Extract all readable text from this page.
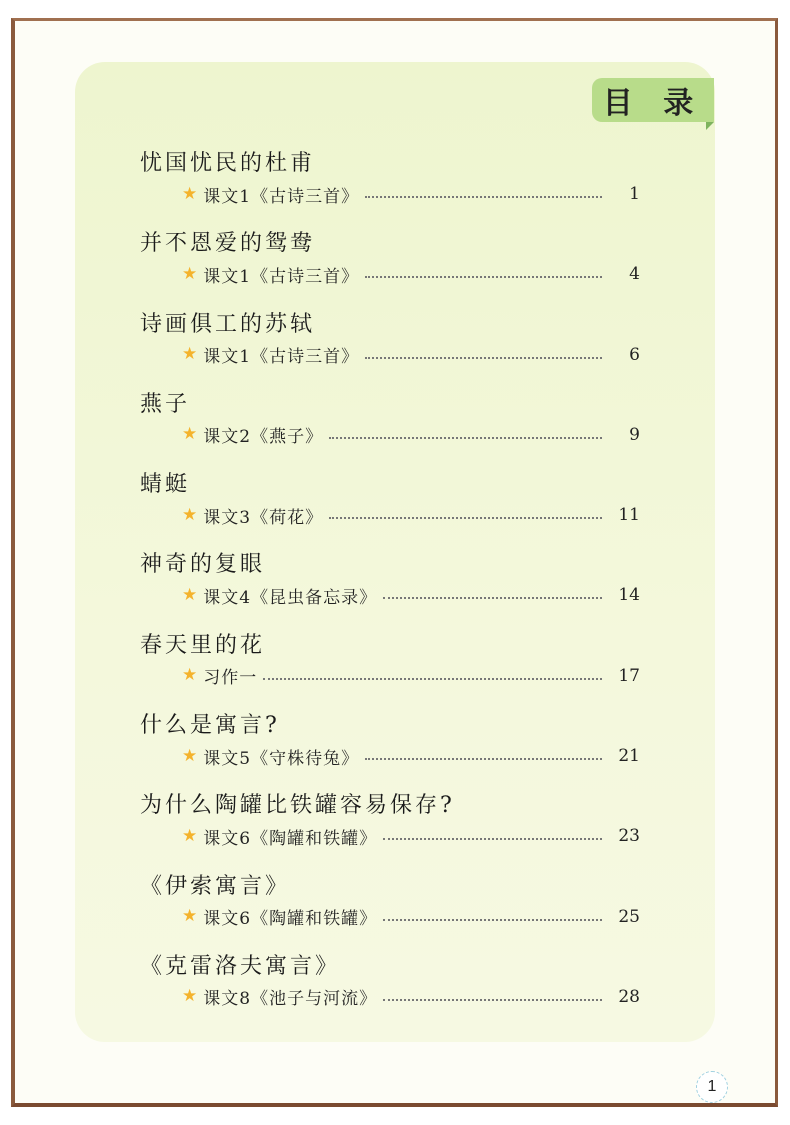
目 录
忧国忧民的杜甫
★ 课文1《古诗三首》	1
并不恩爱的鸳鸯
★ 课文1《古诗三首》	4
诗画俱工的苏轼
★ 课文1《古诗三首》	6
燕子
★ 课文2《燕子》	9
蜻蜓
★ 课文3《荷花》	11
神奇的复眼
★ 课文4《昆虫备忘录》	14
春天里的花
★ 习作一	17
什么是寓言?
★ 课文5《守株待兔》	21
为什么陶罐比铁罐容易保存?
★ 课文6《陶罐和铁罐》	23
《伊索寓言》
★ 课文6《陶罐和铁罐》	25
《克雷洛夫寓言》
★ 课文8《池子与河流》	28
1
